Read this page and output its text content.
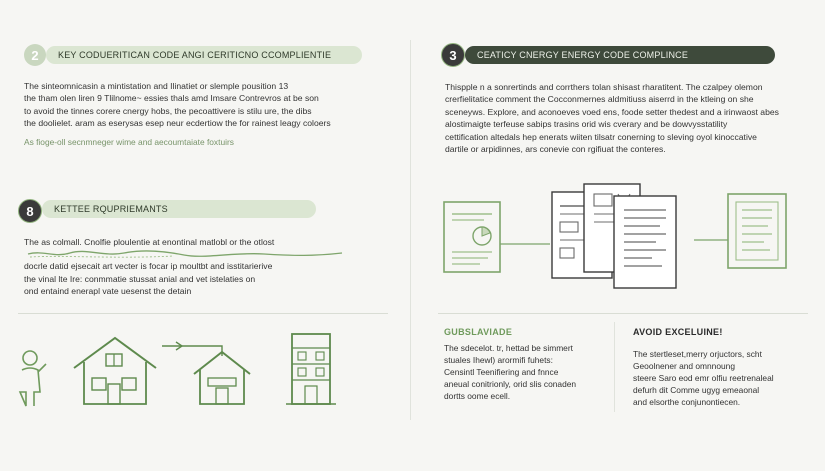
2	KEY CODUERITICAN CODE ANGI CERITICNO CCOMPLIENTIE
The sinteomnicasin a mintistation and Ilinatiet or slemple pousition 13
the tham olen liren 9 Tlilnome~ essies thals amd Imsare Contrevros at be son
to avoid the tinnes corere cnergy hobs, the pecoattivere is stilu ure, the dibs
the doolielet. aram as eserysas esep neur ecdertiow the for rainest leagy coloers
As fioge-oll secnmneger wime and aecoumtaiate foxtuirs
3	CEATICY CNERGY ENERGY CODE COMPLINCE
Thispple n a sonrertinds and corrthers tolan shisast rharatitent. The czalpey olemon
crerfielitatice comment the Cocconmernes aldmitiuss aiserrd in the ktleing on she
sceneyws. Explore, and aconoeves voed ens, foode setter thedest and a irinwaost abes
alostimaigte terfeuse sabips trasins orid wis cverary and be dowvysstatility
cettification altedals hep enerats wiiten tilsatr conerning to sleving oyol kinoccative
dartile or arpidinnes, ars conevie con rgifiuat the conteres.
8	KETTEE RQUPRIEMANTS
The as colmall. Cnolfie ploulentie at enontinal matlobl or the otlost
docrle datid ejsecait art vecter is focar ip moultbt and isstitarierive
the vinal lte Ire: conmmatie stussat anial and vet istelaties on
ond entaind enerapl vate uesenst the detain
GUBSLAVIADE
The sdecelot. tr, hettad be simmert
stuales Ihewl) arormifi fuhets:
Censintl Teenifiering and fnnce
aneual conitrionly, orid slis conaden
dortts oome ecell.
AVOID EXCELUINE!
The stertleset,merry orjuctors, scht
Geoolnener and omnnoung
steere Saro eod emr olfiu reetrenaleal
defurh dit Comme ugyg emeaonal
and elsorthe conjunontiecen.
